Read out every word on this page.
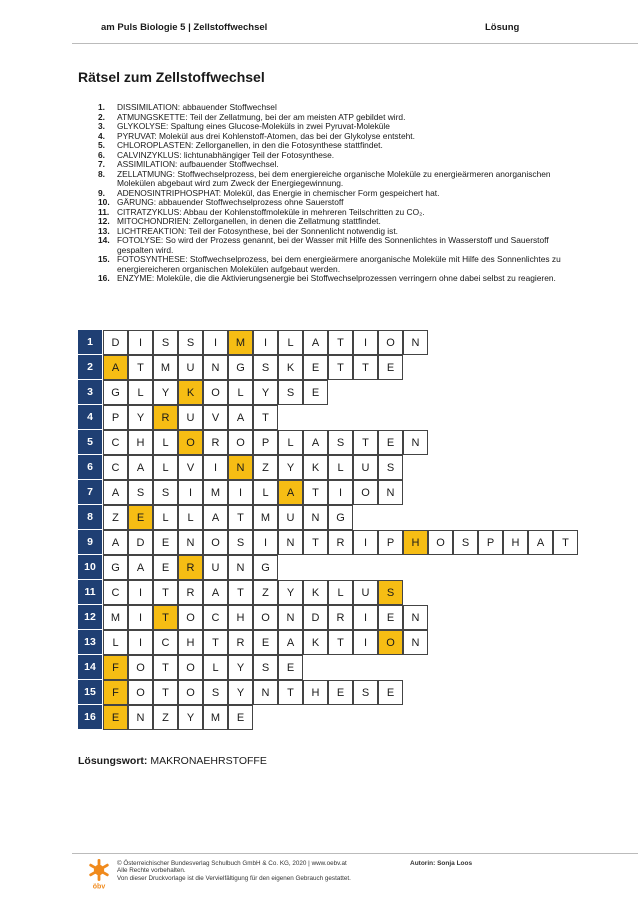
am Puls Biologie 5 | Zellstoffwechsel	Lösung
Rätsel zum Zellstoffwechsel
1. DISSIMILATION: abbauender Stoffwechsel
2. ATMUNGSKETTE: Teil der Zellatmung, bei der am meisten ATP gebildet wird.
3. GLYKOLYSE: Spaltung eines Glucose-Moleküls in zwei Pyruvat-Moleküle
4. PYRUVAT: Molekül aus drei Kohlenstoff-Atomen, das bei der Glykolyse entsteht.
5. CHLOROPLASTEN: Zellorganellen, in den die Fotosynthese stattfindet.
6. CALVINZYKLUS: lichtunabhängiger Teil der Fotosynthese.
7. ASSIMILATION: aufbauender Stoffwechsel.
8. ZELLATMUNG: Stoffwechselprozess, bei dem energiereiche organische Moleküle zu energieärmeren anorganischen Molekülen abgebaut wird zum Zweck der Energiegewinnung.
9. ADENOSINTRIPHOSPHAT: Molekül, das Energie in chemischer Form gespeichert hat.
10. GÄRUNG: abbauender Stoffwechselprozess ohne Sauerstoff
11. CITRATZYKLUS: Abbau der Kohlenstoffmoleküle in mehreren Teilschritten zu CO₂.
12. MITOCHONDRIEN: Zellorganellen, in denen die Zellatmung stattfindet.
13. LICHTREAKTION: Teil der Fotosynthese, bei der Sonnenlicht notwendig ist.
14. FOTOLYSE: So wird der Prozess genannt, bei der Wasser mit Hilfe des Sonnenlichtes in Wasserstoff und Sauerstoff gespalten wird.
15. FOTOSYNTHESE: Stoffwechselprozess, bei dem energieärmere anorganische Moleküle mit Hilfe des Sonnenlichtes zu energiereicheren organischen Molekülen aufgebaut werden.
16. ENZYME: Moleküle, die die Aktivierungsenergie bei Stoffwechselprozessen verringern ohne dabei selbst zu reagieren.
1	D	I	S	S	I	M	I	L	A	T	I	O	N
2	A	T	M	U	N	G	S	K	E	T	T	E
3	G	L	Y	K	O	L	Y	S	E
4	P	Y	R	U	V	A	T
5	C	H	L	O	R	O	P	L	A	S	T	E	N
6	C	A	L	V	I	N	Z	Y	K	L	U	S
7	A	S	S	I	M	I	L	A	T	I	O	N
8	Z	E	L	L	A	T	M	U	N	G
9	A	D	E	N	O	S	I	N	T	R	I	P	H	O	S	P	H	A	T
10	G	A	E	R	U	N	G
11	C	I	T	R	A	T	Z	Y	K	L	U	S
12	M	I	T	O	C	H	O	N	D	R	I	E	N
13	L	I	C	H	T	R	E	A	K	T	I	O	N
14	F	O	T	O	L	Y	S	E
15	F	O	T	O	S	Y	N	T	H	E	S	E
16	E	N	Z	Y	M	E
Lösungswort: MAKRONAEHRSTOFFE
öbv
© Österreichischer Bundesverlag Schulbuch GmbH & Co. KG, 2020 | www.oebv.at
Alle Rechte vorbehalten.
Von dieser Druckvorlage ist die Vervielfältigung für den eigenen Gebrauch gestattet.
Autorin: Sonja Loos
